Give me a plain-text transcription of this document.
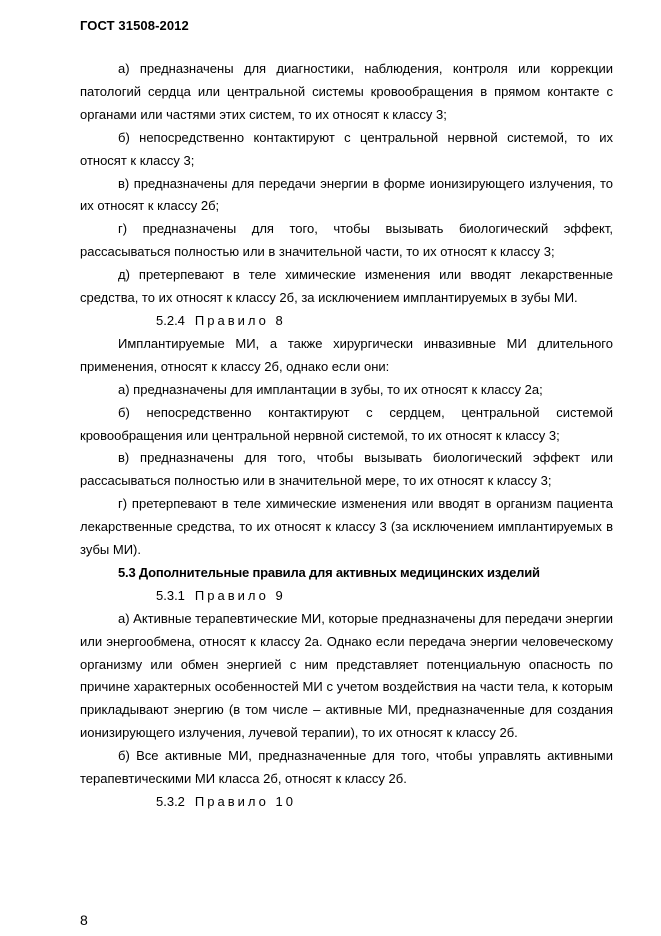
ГОСТ 31508-2012

а) предназначены для диагностики, наблюдения, контроля или коррекции патологий сердца или центральной системы кровообращения в прямом контакте с органами или частями этих систем, то их относят к классу 3;

б) непосредственно контактируют с центральной нервной системой, то их относят к классу 3;

в) предназначены для передачи энергии в форме ионизирующего излучения, то их относят к классу 2б;

г) предназначены для того, чтобы вызывать биологический эффект, рассасываться полностью или в значительной части, то их относят к классу 3;

д) претерпевают в теле химические изменения или вводят лекарственные средства, то их относят к классу 2б, за исключением имплантируемых в зубы МИ.

5.2.4 Правило 8

Имплантируемые МИ, а также хирургически инвазивные МИ длительного применения, относят к классу 2б, однако если они:

а) предназначены для имплантации в зубы, то их относят к классу 2а;

б) непосредственно контактируют с сердцем, центральной системой кровообращения или центральной нервной системой, то их относят к классу 3;

в) предназначены для того, чтобы вызывать биологический эффект или рассасываться полностью или в значительной мере, то их относят к классу 3;

г) претерпевают в теле химические изменения или вводят в организм пациента лекарственные средства, то их относят к классу 3 (за исключением имплантируемых в зубы МИ).

5.3 Дополнительные правила для активных медицинских изделий

5.3.1 Правило 9

а) Активные терапевтические МИ, которые предназначены для передачи энергии или энергообмена, относят к классу 2а. Однако если передача энергии человеческому организму или обмен энергией с ним представляет потенциальную опасность по причине характерных особенностей МИ с учетом воздействия на части тела, к которым прикладывают энергию (в том числе – активные МИ, предназначенные для создания ионизирующего излучения, лучевой терапии), то их относят к классу 2б.

б) Все активные МИ, предназначенные для того, чтобы управлять активными терапевтическими МИ класса 2б, относят к классу 2б.

5.3.2 Правило 10

8
